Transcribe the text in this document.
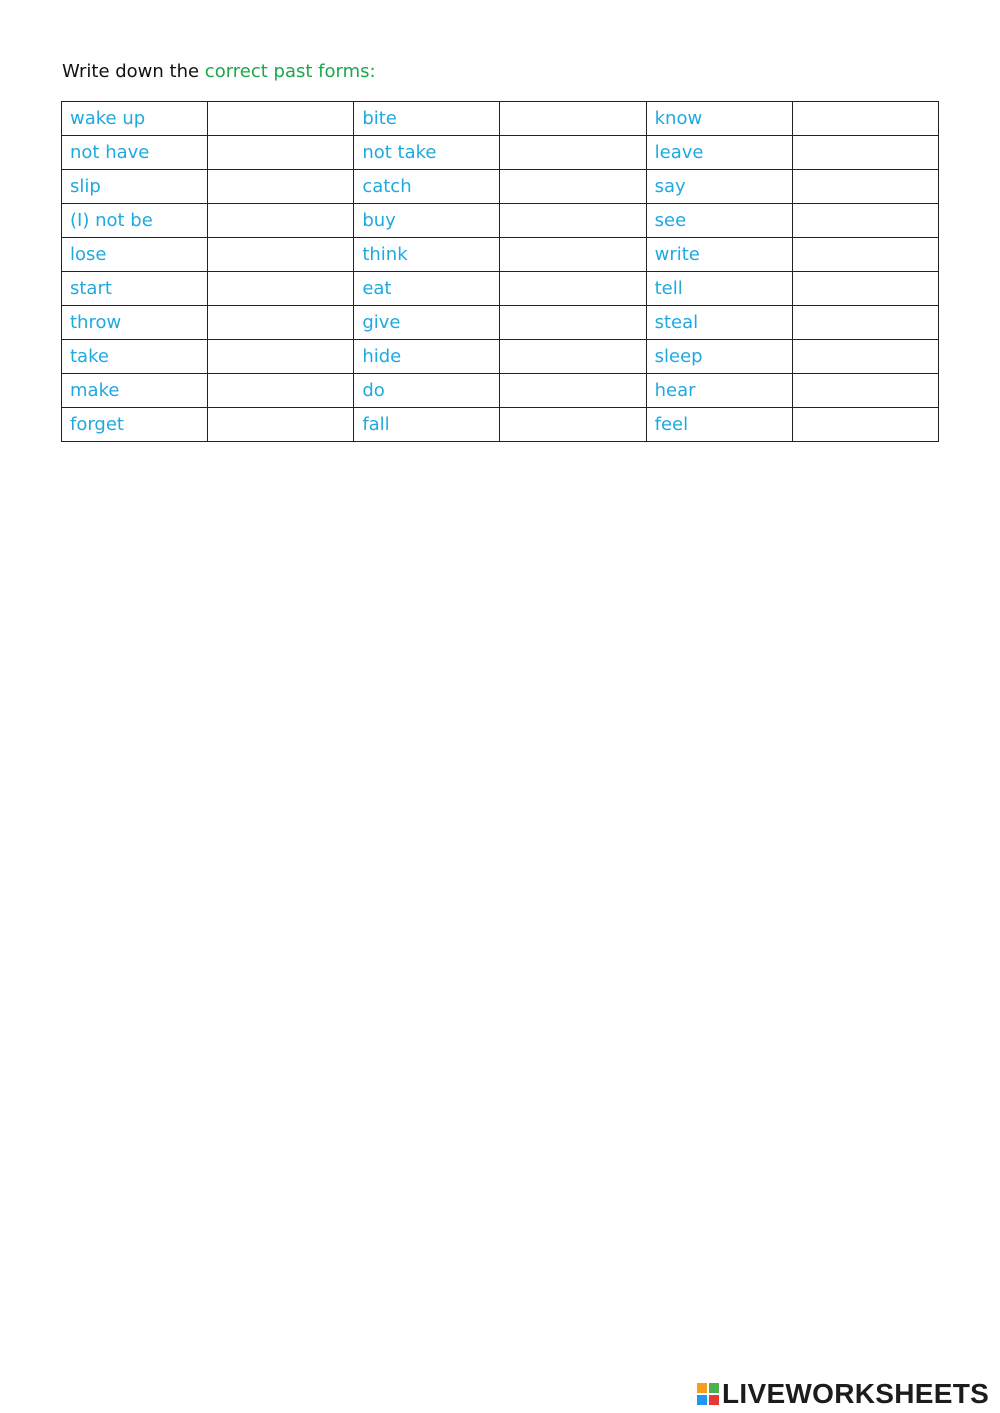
Write down the correct past forms:
wake up		bite		know	
not have		not take		leave	
slip		catch		say	
(I) not be		buy		see	
lose		think		write	
start		eat		tell	
throw		give		steal	
take		hide		sleep	
make		do		hear	
forget		fall		feel	
LIVEWORKSHEETS
